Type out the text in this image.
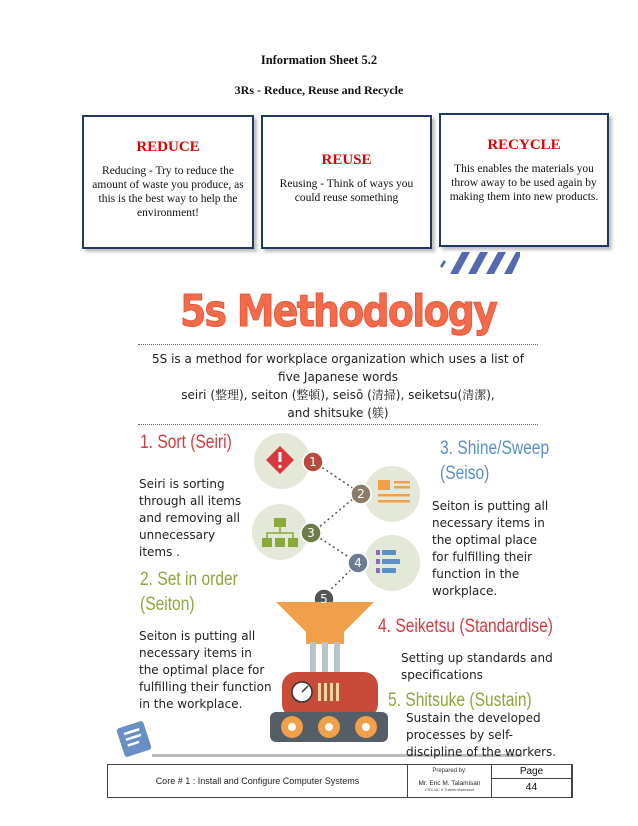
Information Sheet 5.2
3Rs - Reduce, Reuse and Recycle
REDUCE
Reducing - Try to reduce the amount of waste you produce, as this is the best way to help the environment!
REUSE
Reusing - Think of ways you could reuse something
RECYCLE
This enables the materials you throw away to be used again by making them into new products.
5s Methodology
5S is a method for workplace organization which uses a list of
five Japanese words
seiri (整理), seiton (整頓), seisō (清掃), seiketsu(清潔),
and shitsuke (躾)
1
2
3
4
5
1. Sort (Seiri)
Seiri is sorting
through all items
and removing all
unnecessary
items .
2. Set in order
(Seiton)
Seiton is putting all
necessary items in
the optimal place for
fulfilling their function
in the workplace.
3. Shine/Sweep
(Seiso)
Seiton is putting all
necessary items in
the optimal place
for fulfilling their
function in the
workplace.
4. Seiketsu (Standardise)
Setting up standards and
specifications
5. Shitsuke (Sustain)
Sustain the developed
processes by self-
discipline of the workers.
Core # 1 : Install and Configure Computer Systems
Prepared by:
Mr. Eric M. Talamisan
CSS NC II Trainer/Assessor
Page
44
